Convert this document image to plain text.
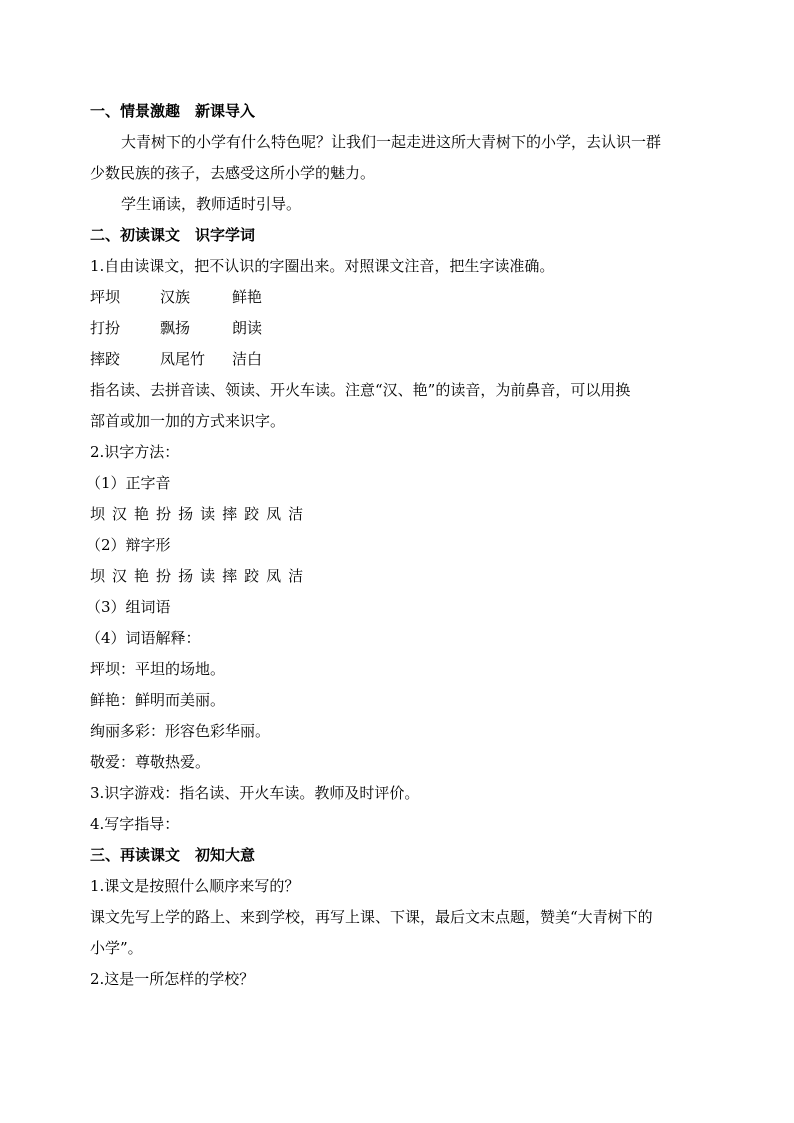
一、情景激趣　新课导入
大青树下的小学有什么特色呢？让我们一起走进这所大青树下的小学，去认识一群
少数民族的孩子，去感受这所小学的魅力。
学生诵读，教师适时引导。
二、初读课文　识字学词
1.自由读课文，把不认识的字圈出来。对照课文注音，把生字读准确。
坪坝	汉族	鲜艳
打扮	飘扬	朗读
摔跤	凤尾竹 洁白
指名读、去拼音读、领读、开火车读。注意“汉、艳”的读音，为前鼻音，可以用换
部首或加一加的方式来识字。
2.识字方法：
（1）正字音
坝 汉 艳 扮 扬 读 摔 跤 凤 洁
（2）辩字形
坝 汉 艳 扮 扬 读 摔 跤 凤 洁
（3）组词语
（4）词语解释：
坪坝：平坦的场地。
鲜艳：鲜明而美丽。
绚丽多彩：形容色彩华丽。
敬爱：尊敬热爱。
3.识字游戏：指名读、开火车读。教师及时评价。
4.写字指导：
三、再读课文　初知大意
1.课文是按照什么顺序来写的？
课文先写上学的路上、来到学校，再写上课、下课，最后文末点题，赞美“大青树下的
小学”。
2.这是一所怎样的学校？
